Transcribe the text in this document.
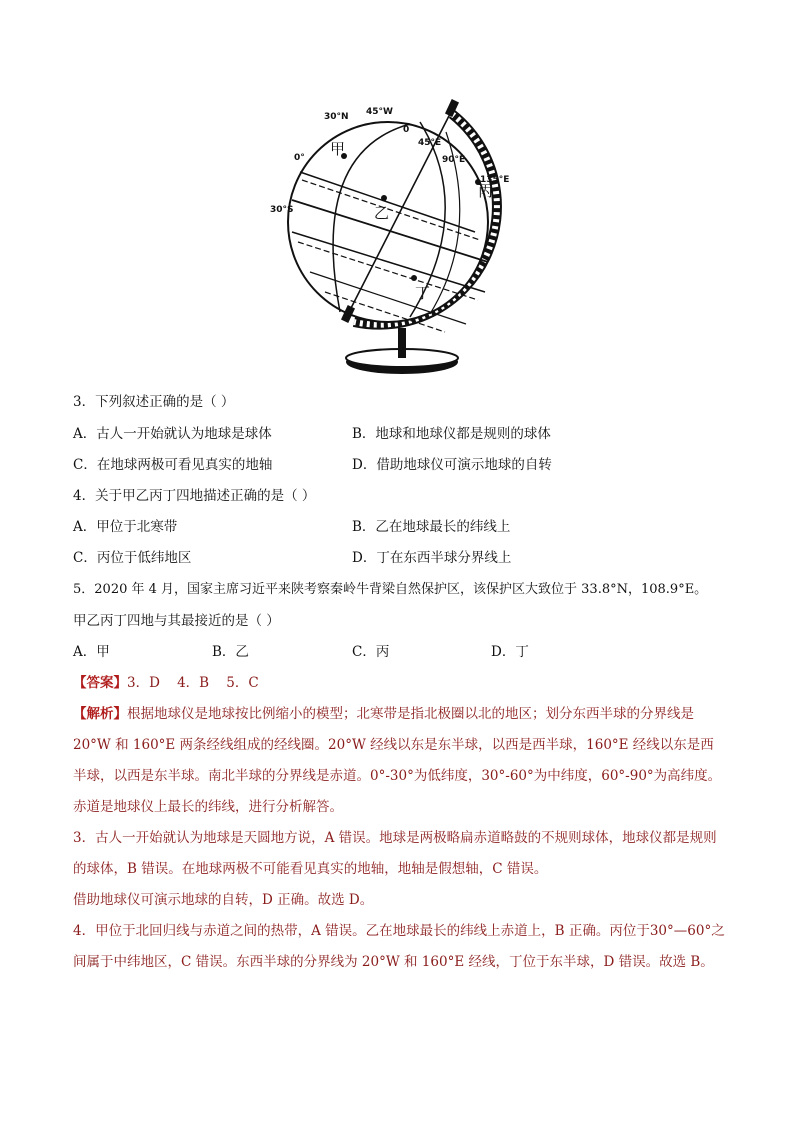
30°N 45°W
0
45°E
90°E
135°E
0°
30°S
甲
乙
丙
丁
3．下列叙述正确的是（ ）
A．古人一开始就认为地球是球体	B．地球和地球仪都是规则的球体
C．在地球两极可看见真实的地轴	D．借助地球仪可演示地球的自转
4．关于甲乙丙丁四地描述正确的是（ ）
A．甲位于北寒带	B．乙在地球最长的纬线上
C．丙位于低纬地区	D．丁在东西半球分界线上
5．2020 年 4 月，国家主席习近平来陕考察秦岭牛背梁自然保护区，该保护区大致位于 33.8°N，108.9°E。
甲乙丙丁四地与其最接近的是（ ）
A．甲	B．乙	C．丙	D．丁
【答案】3．D    4．B    5．C
【解析】根据地球仪是地球按比例缩小的模型；北寒带是指北极圈以北的地区；划分东西半球的分界线是20°W 和 160°E 两条经线组成的经线圈。20°W 经线以东是东半球，以西是西半球，160°E 经线以东是西半球，以西是东半球。南北半球的分界线是赤道。0°-30°为低纬度，30°-60°为中纬度，60°-90°为高纬度。赤道是地球仪上最长的纬线，进行分析解答。
3．古人一开始就认为地球是天圆地方说，A 错误。地球是两极略扁赤道略鼓的不规则球体，地球仪都是规则的球体，B 错误。在地球两极不可能看见真实的地轴，地轴是假想轴，C 错误。
借助地球仪可演示地球的自转，D 正确。故选 D。
4．甲位于北回归线与赤道之间的热带，A 错误。乙在地球最长的纬线上赤道上，B 正确。丙位于30°—60°之间属于中纬地区，C 错误。东西半球的分界线为 20°W 和 160°E 经线，丁位于东半球，D 错误。故选 B。
